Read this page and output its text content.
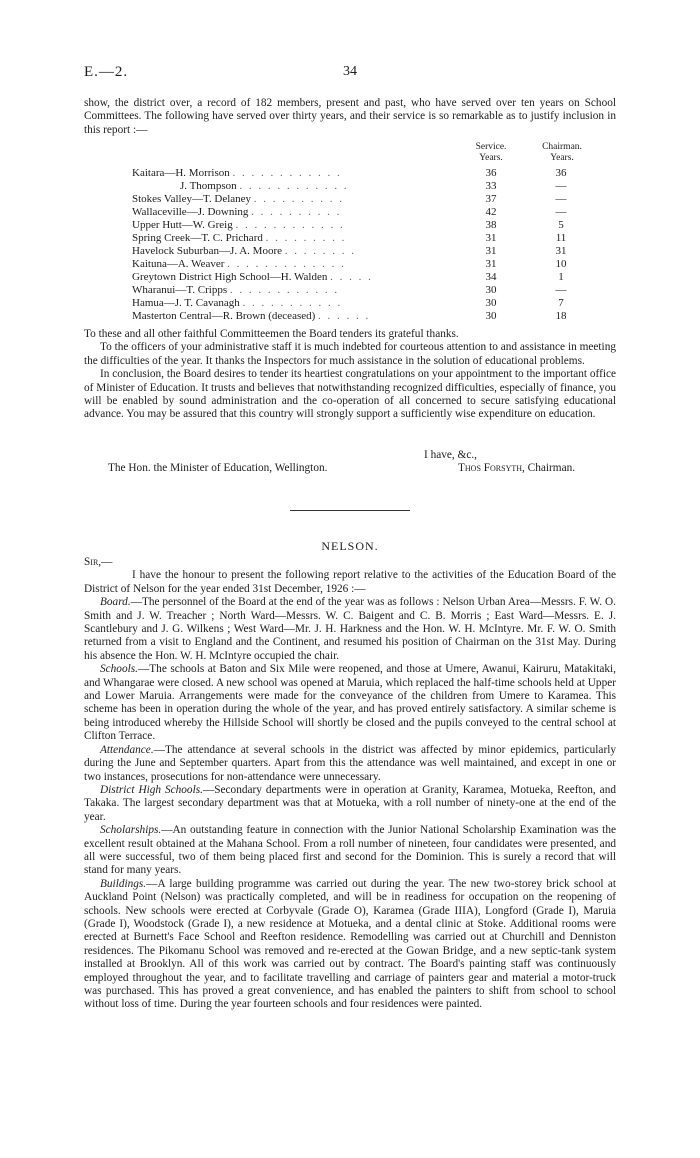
E.—2.	34

show, the district over, a record of 182 members, present and past, who have served over ten years on School Committees. The following have served over thirty years, and their service is so remarkable as to justify inclusion in this report :—

Service.
Years.
Chairman.
Years.
Kaitara—H. Morrison . . . . . . . . . . . .	36	36
J. Thompson . . . . . . . . . . . .	33	—
Stokes Valley—T. Delaney . . . . . . . . . .	37	—
Wallaceville—J. Downing . . . . . . . . . .	42	—
Upper Hutt—W. Greig . . . . . . . . . . . .	38	5
Spring Creek—T. C. Prichard . . . . . . . . .	31	11
Havelock Suburban—J. A. Moore . . . . . . . .	31	31
Kaituna—A. Weaver . . . . . . . . . . . . .	31	10
Greytown District High School—H. Walden . . . . .	34	1
Wharanui—T. Cripps . . . . . . . . . . . .	30	—
Hamua—J. T. Cavanagh . . . . . . . . . . .	30	7
Masterton Central—R. Brown (deceased) . . . . . .	30	18

To these and all other faithful Committeemen the Board tenders its grateful thanks.

To the officers of your administrative staff it is much indebted for courteous attention to and assistance in meeting the difficulties of the year. It thanks the Inspectors for much assistance in the solution of educational problems.

In conclusion, the Board desires to tender its heartiest congratulations on your appointment to the important office of Minister of Education. It trusts and believes that notwithstanding recognized difficulties, especially of finance, you will be enabled by sound administration and the co-operation of all concerned to secure satisfying educational advance. You may be assured that this country will strongly support a sufficiently wise expenditure on education.

I have, &c.,
The Hon. the Minister of Education, Wellington.	Thos Forsyth, Chairman.
NELSON.

Sir,—

I have the honour to present the following report relative to the activities of the Education Board of the District of Nelson for the year ended 31st December, 1926 :—

Board.—The personnel of the Board at the end of the year was as follows : Nelson Urban Area—Messrs. F. W. O. Smith and J. W. Treacher ; North Ward—Messrs. W. C. Baigent and C. B. Morris ; East Ward—Messrs. E. J. Scantlebury and J. G. Wilkens ; West Ward—Mr. J. H. Harkness and the Hon. W. H. McIntyre. Mr. F. W. O. Smith returned from a visit to England and the Continent, and resumed his position of Chairman on the 31st May. During his absence the Hon. W. H. McIntyre occupied the chair.

Schools.—The schools at Baton and Six Mile were reopened, and those at Umere, Awanui, Kairuru, Matakitaki, and Whangarae were closed. A new school was opened at Maruia, which replaced the half-time schools held at Upper and Lower Maruia. Arrangements were made for the conveyance of the children from Umere to Karamea. This scheme has been in operation during the whole of the year, and has proved entirely satisfactory. A similar scheme is being introduced whereby the Hillside School will shortly be closed and the pupils conveyed to the central school at Clifton Terrace.

Attendance.—The attendance at several schools in the district was affected by minor epidemics, particularly during the June and September quarters. Apart from this the attendance was well maintained, and except in one or two instances, prosecutions for non-attendance were unnecessary.

District High Schools.—Secondary departments were in operation at Granity, Karamea, Motueka, Reefton, and Takaka. The largest secondary department was that at Motueka, with a roll number of ninety-one at the end of the year.

Scholarships.—An outstanding feature in connection with the Junior National Scholarship Examination was the excellent result obtained at the Mahana School. From a roll number of nineteen, four candidates were presented, and all were successful, two of them being placed first and second for the Dominion. This is surely a record that will stand for many years.

Buildings.—A large building programme was carried out during the year. The new two-storey brick school at Auckland Point (Nelson) was practically completed, and will be in readiness for occupation on the reopening of schools. New schools were erected at Corbyvale (Grade O), Karamea (Grade IIIA), Longford (Grade I), Maruia (Grade I), Woodstock (Grade I), a new residence at Motueka, and a dental clinic at Stoke. Additional rooms were erected at Burnett's Face School and Reefton residence. Remodelling was carried out at Churchill and Denniston residences. The Pikomanu School was removed and re-erected at the Gowan Bridge, and a new septic-tank system installed at Brooklyn. All of this work was carried out by contract. The Board's painting staff was continuously employed throughout the year, and to facilitate travelling and carriage of painters gear and material a motor-truck was purchased. This has proved a great convenience, and has enabled the painters to shift from school to school without loss of time. During the year fourteen schools and four residences were painted.
